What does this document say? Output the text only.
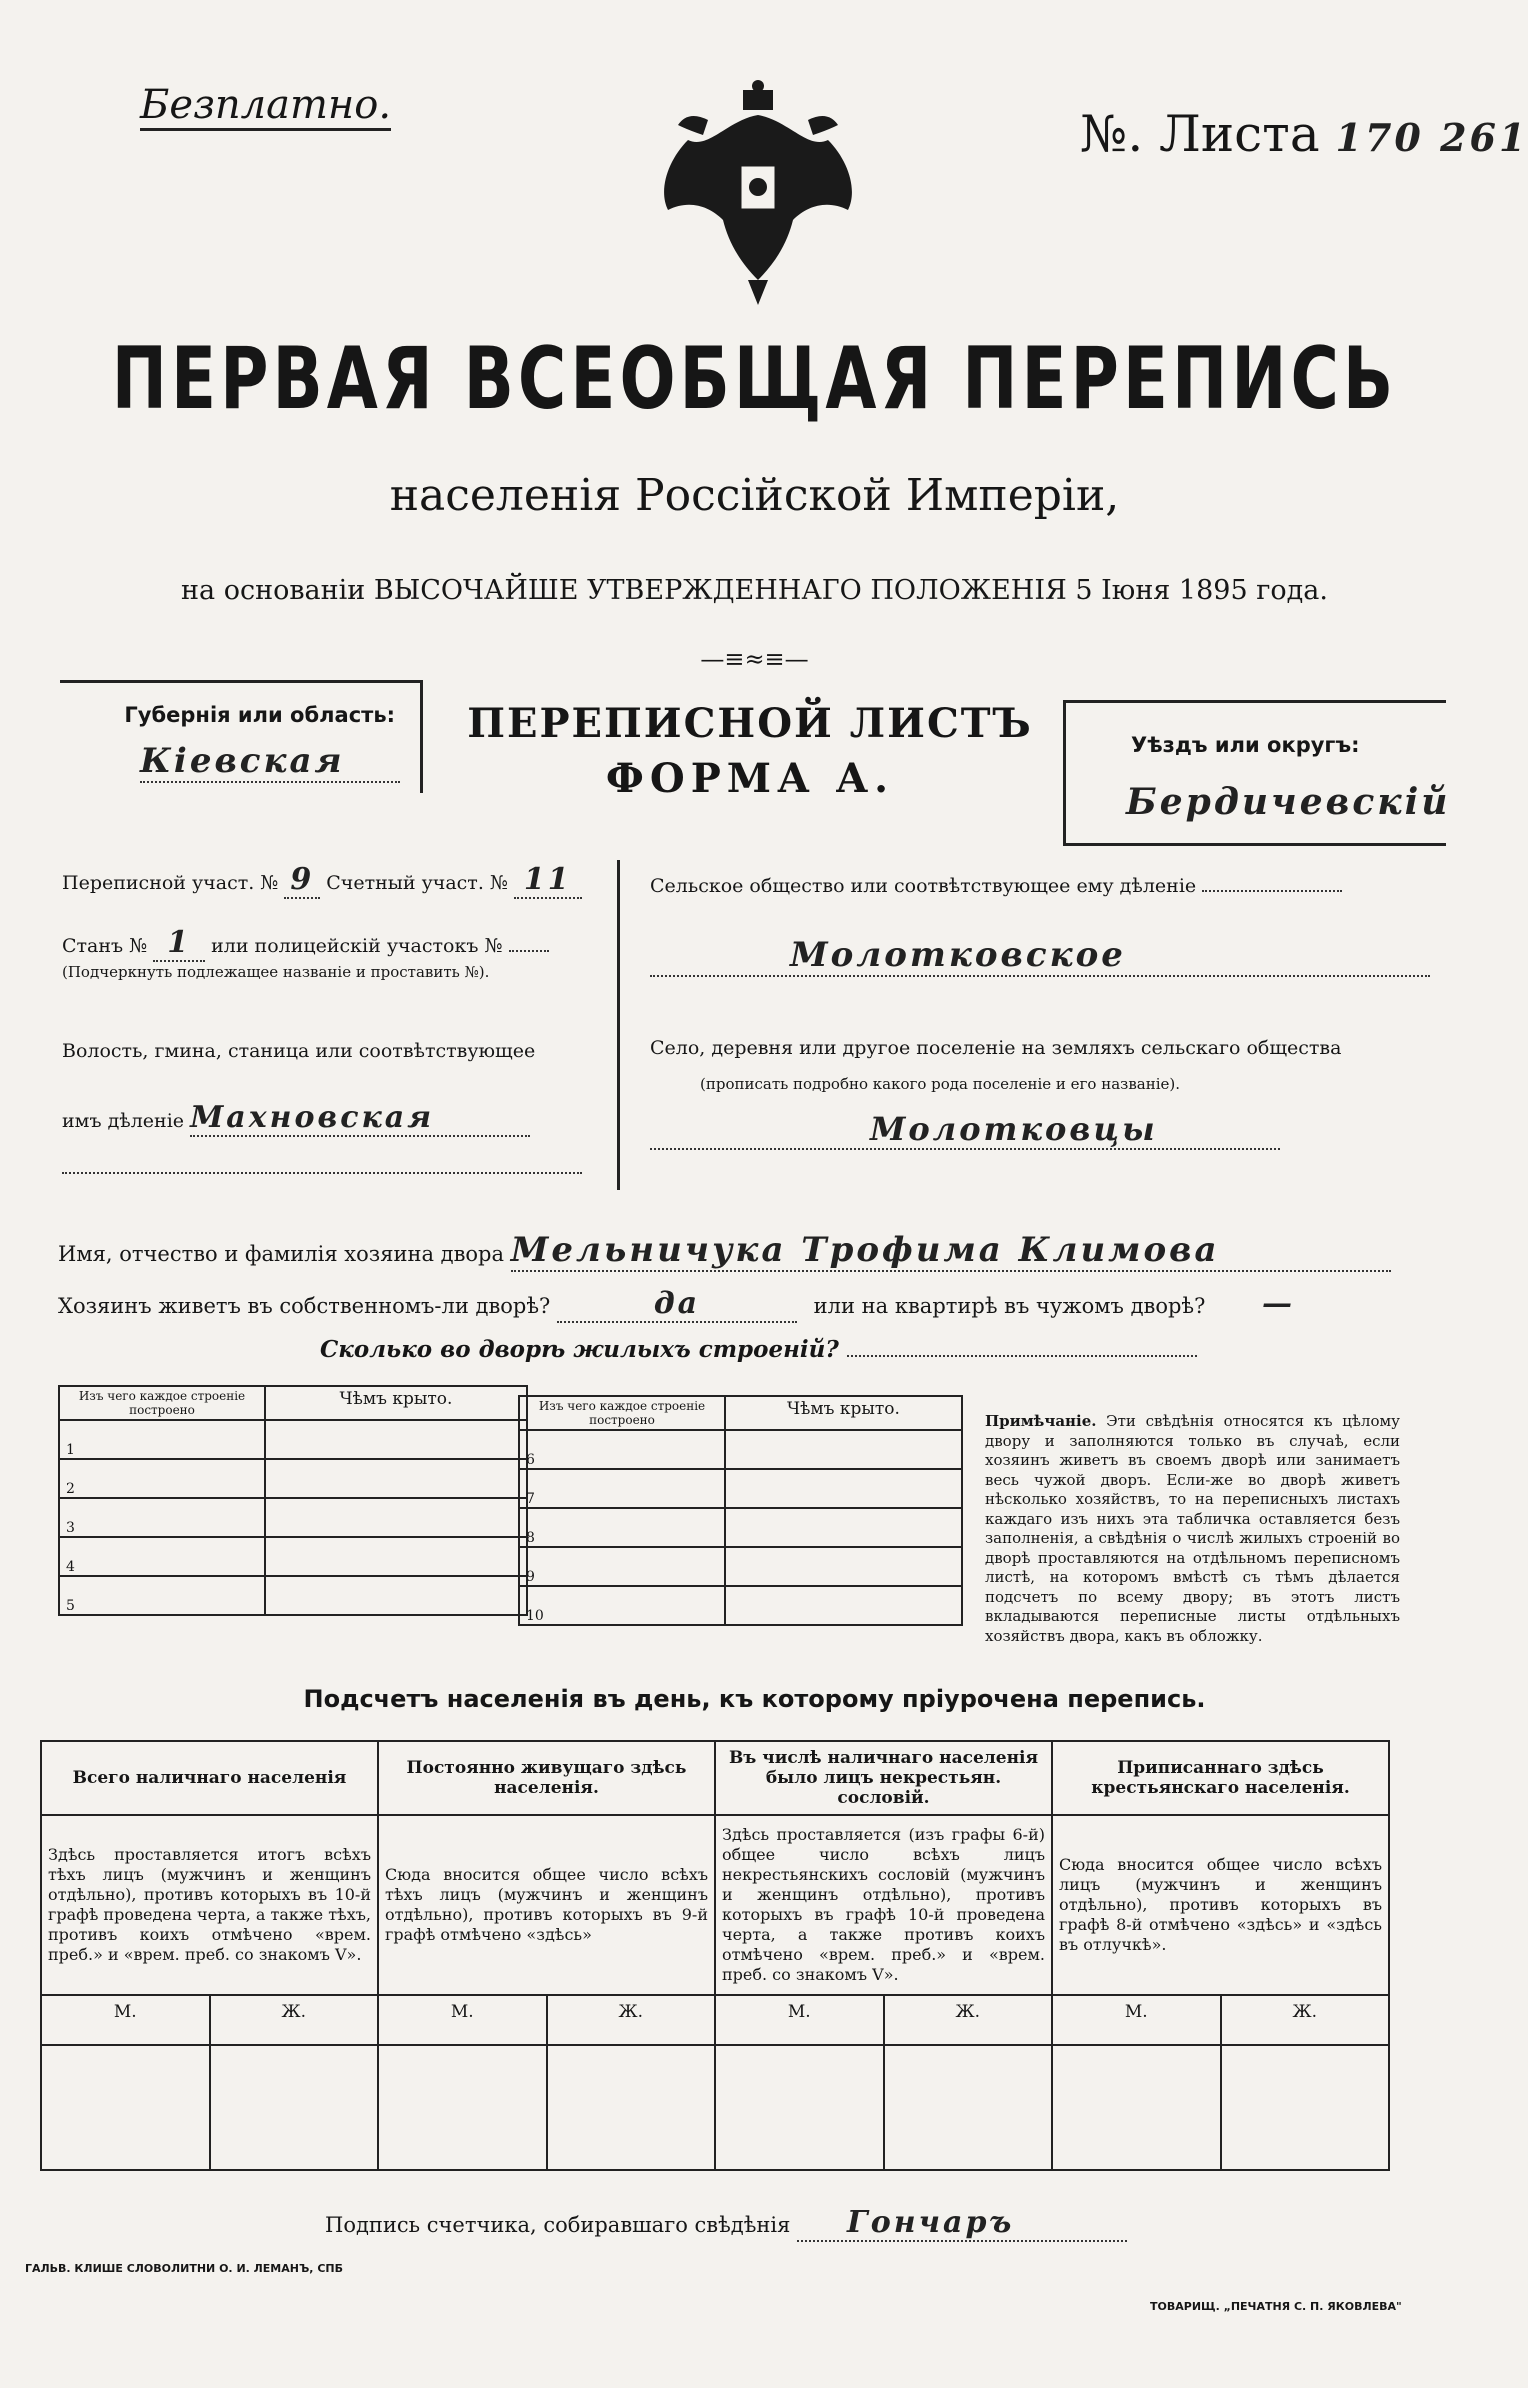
Безплатно.	№. Листа 170 261
ПЕРВАЯ ВСЕОБЩАЯ ПЕРЕПИСЬ
населенія Россійской Имперіи,
на основаніи ВЫСОЧАЙШЕ УТВЕРЖДЕННАГО ПОЛОЖЕНІЯ 5 Іюня 1895 года.
—≡≈≡—
Губернія или область:
Кіевская
ПЕРЕПИСНОЙ ЛИСТЪ
ФОРМА А.
Уѣздъ или округъ:
Бердичевскій
Переписной участ. № 9 Счетный участ. № 11
Станъ № 1 или полицейскій участокъ №
(Подчеркнуть подлежащее названіе и проставить №).
Волость, гмина, станица или соотвѣтствующее
имъ дѣленіе Махновская
Сельское общество или соотвѣтствующее ему дѣленіе
Молотковское
Село, деревня или другое поселеніе на земляхъ сельскаго общества
(прописать подробно какого рода поселеніе и его названіе).
Молотковцы
Имя, отчество и фамилія хозяина двора Мельничука Трофима Климова
Хозяинъ живетъ въ собственномъ-ли дворѣ?	да	или на квартирѣ въ чужомъ дворѣ? —
Сколько во дворѣ жилыхъ строеній?
Изъ чего каждое строеніе построено	Чѣмъ крыто.
1	
2	
3	
4	
5	
Изъ чего каждое строеніе построено	Чѣмъ крыто.
6	
7	
8	
9	
10	
Примѣчаніе. Эти свѣдѣнія относятся къ цѣлому двору и заполняются только въ случаѣ, если хозяинъ живетъ въ своемъ дворѣ или занимаетъ весь чужой дворъ. Если-же во дворѣ живетъ нѣсколько хозяйствъ, то на переписныхъ листахъ каждаго изъ нихъ эта табличка оставляется безъ заполненія, а свѣдѣнія о числѣ жилыхъ строеній во дворѣ проставляются на отдѣльномъ переписномъ листѣ, на которомъ вмѣстѣ съ тѣмъ дѣлается подсчетъ по всему двору; въ этотъ листъ вкладываются переписные листы отдѣльныхъ хозяйствъ двора, какъ въ обложку.
Подсчетъ населенія въ день, къ которому пріурочена перепись.
Всего наличнаго населенія		Постоянно живущаго здѣсь населенія.		Въ числѣ наличнаго населенія было лицъ некрестьян. сословій.		Приписаннаго здѣсь крестьянскаго населенія.	
Здѣсь проставляется итогъ всѣхъ тѣхъ лицъ (мужчинъ и женщинъ отдѣльно), противъ которыхъ въ 10-й графѣ проведена черта, а также тѣхъ, противъ коихъ отмѣчено «врем. преб.» и «врем. преб. со знакомъ V».		Сюда вносится общее число всѣхъ тѣхъ лицъ (мужчинъ и женщинъ отдѣльно), противъ которыхъ въ 9-й графѣ отмѣчено «здѣсь»		Здѣсь проставляется (изъ графы 6-й) общее число всѣхъ лицъ некрестьянскихъ сословій (мужчинъ и женщинъ отдѣльно), противъ которыхъ въ графѣ 10-й проведена черта, а также противъ коихъ отмѣчено «врем. преб.» и «врем. преб. со знакомъ V».		Сюда вносится общее число всѣхъ лицъ (мужчинъ и женщинъ отдѣльно), противъ которыхъ въ графѣ 8-й отмѣчено «здѣсь» и «здѣсь въ отлучкѣ».	
М.	Ж.	М.	Ж.	М.	Ж.	М.	Ж.

Подпись счетчика, собиравшаго свѣдѣнія Гончаръ
ГАЛЬВ. КЛИШЕ СЛОВОЛИТНИ О. И. ЛЕМАНЪ, СПБ
ТОВАРИЩ. „ПЕЧАТНЯ С. П. ЯКОВЛЕВА"
